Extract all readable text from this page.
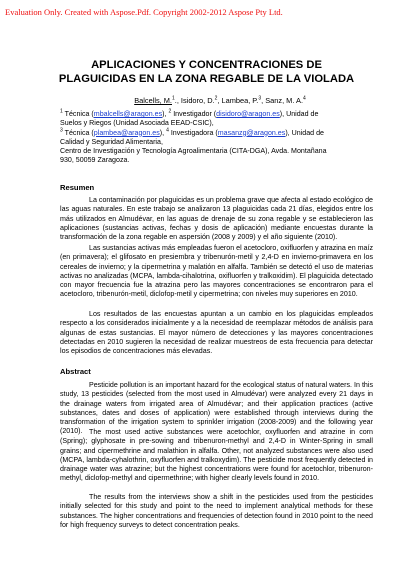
Evaluation Only. Created with Aspose.Pdf. Copyright 2002-2012 Aspose Pty Ltd.
APLICACIONES Y CONCENTRACIONES DE
PLAGUICIDAS EN LA ZONA REGABLE DE LA VIOLADA

Balcells, M.$^1$., Isidoro, D.$^2$, Lambea, P.$^3$, Sanz, M. A.$^4$

$^1$ Técnica (mbalcells@aragon.es), $^2$ Investigador (disidoro@aragon.es), Unidad de
Suelos y Riegos (Unidad Asociada EEAD-CSIC),
$^3$ Técnica (plambea@aragon.es), $^4$ Investigadora (masanzg@aragon.es), Unidad de
Calidad y Seguridad Alimentaria,
Centro de Investigación y Tecnología Agroalimentaria (CITA-DGA), Avda. Montañana
930, 50059 Zaragoza.
Resumen

La contaminación por plaguicidas es un problema grave que afecta al estado ecológico de las aguas naturales. En este trabajo se analizaron 13 plaguicidas cada 21 días, elegidos entre los más utilizados en Almudévar, en las aguas de drenaje de su zona regable y se establecieron las aplicaciones (sustancias activas, fechas y dosis de aplicación) mediante encuestas durante la transformación de la zona regable en aspersión (2008 y 2009) y el año siguiente (2010).

Las sustancias activas más empleadas fueron el acetocloro, oxifluorfen y atrazina en maíz (en primavera); el glifosato en presiembra y tribenurón-metil y 2,4-D en invierno-primavera en los cereales de invierno; y la cipermetrina y malatión en alfalfa. También se detectó el uso de materias activas no analizadas (MCPA, lambda-cihalotrina, oxifluorfen y tralkoxidim). El plaguicida detectado con mayor frecuencia fue la atrazina pero las mayores concentraciones se encontraron para el acetocloro, tribenurón-metil, diclofop-metil y cipermetrina; con niveles muy superiores en 2010.

Los resultados de las encuestas apuntan a un cambio en los plaguicidas empleados respecto a los considerados inicialmente y a la necesidad de reemplazar métodos de análisis para algunas de estas sustancias. El mayor número de detecciones y las mayores concentraciones detectadas en 2010 sugieren la necesidad de realizar muestreos de esta frecuencia para detectar los episodios de concentraciones más elevadas.

Abstract

Pesticide pollution is an important hazard for the ecological status of natural waters. In this study, 13 pesticides (selected from the most used in Almudévar) were analyzed every 21 days in the drainage waters from irrigated area of Almudévar; and their application practices (active substances, dates and doses of application) were established through interviews during the transformation of the irrigation system to sprinkler irrigation (2008-2009) and the following year (2010). The most used active substances were acetochlor, oxyfluorfen and atrazine in corn (Spring); glyphosate in pre-sowing and tribenuron-methyl and 2,4-D in Winter-Spring in small grains; and cipermethrine and malathion in alfalfa. Other, not analyzed substances were also used (MCPA, lambda-cyhalothrin, oxyfluorfen and tralkoxydim). The pesticide most frequently detected in drainage water was atrazine; but the highest concentrations were found for acetochlor, tribenuron-methyl, diclofop-methyl and cipermethrine; with higher clearly levels found in 2010.

The results from the interviews show a shift in the pesticides used from the pesticides initially selected for this study and point to the need to implement analytical methods for these substances. The higher concentrations and frequencies of detection found in 2010 point to the need for high frequency surveys to detect concentration peaks.
